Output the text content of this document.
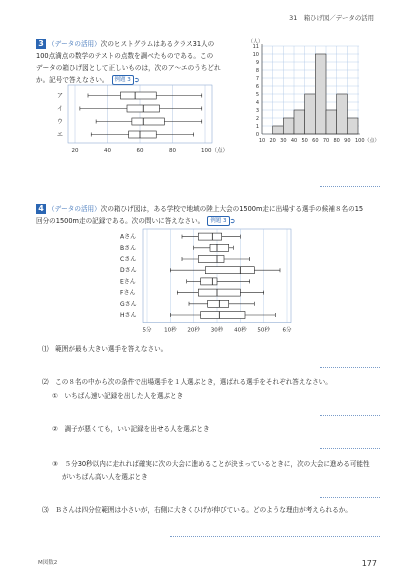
31　箱ひげ図／データの活用
3 （データの活用）次のヒストグラムはあるクラス31人の
100点満点の数学のテストの点数を調べたものである。この
データの箱ひげ図として正しいものは，次のア～エのうちどれ
か。記号で答えなさい。 例題 3 ➲
20	40	60	80	100（点）
ア
イ
ウ
エ	0
1
2
3
4
5
6
7
8
9
10
11
（人）
10 20 30 40 50 60 70 80 90 100（点）
4 （データの活用）次の箱ひげ図は，ある学校で地域の陸上大会の1500m走に出場する選手の候補８名の15
回分の1500m走の記録である。次の問いに答えなさい。 例題 3 ➲
5分 10秒 20秒 30秒 40秒 50秒 6分
Aさん
Bさん
Cさん
Dさん
Eさん
Fさん
Gさん
Hさん
⑴　範囲が最も大きい選手を答えなさい。
⑵　この８名の中から次の条件で出場選手を１人選ぶとき，選ばれる選手をそれぞれ答えなさい。
①　いちばん速い記録を出した人を選ぶとき
②　調子が悪くても，いい記録を出せる人を選ぶとき
③　５分30秒以内に走れれば確実に次の大会に進めることが決まっているときに，次の大会に進める可能性
がいちばん高い人を選ぶとき
⑶　Ｂさんは四分位範囲は小さいが，右側に大きくひげが伸びている。どのような理由が考えられるか。
M図数2	177
